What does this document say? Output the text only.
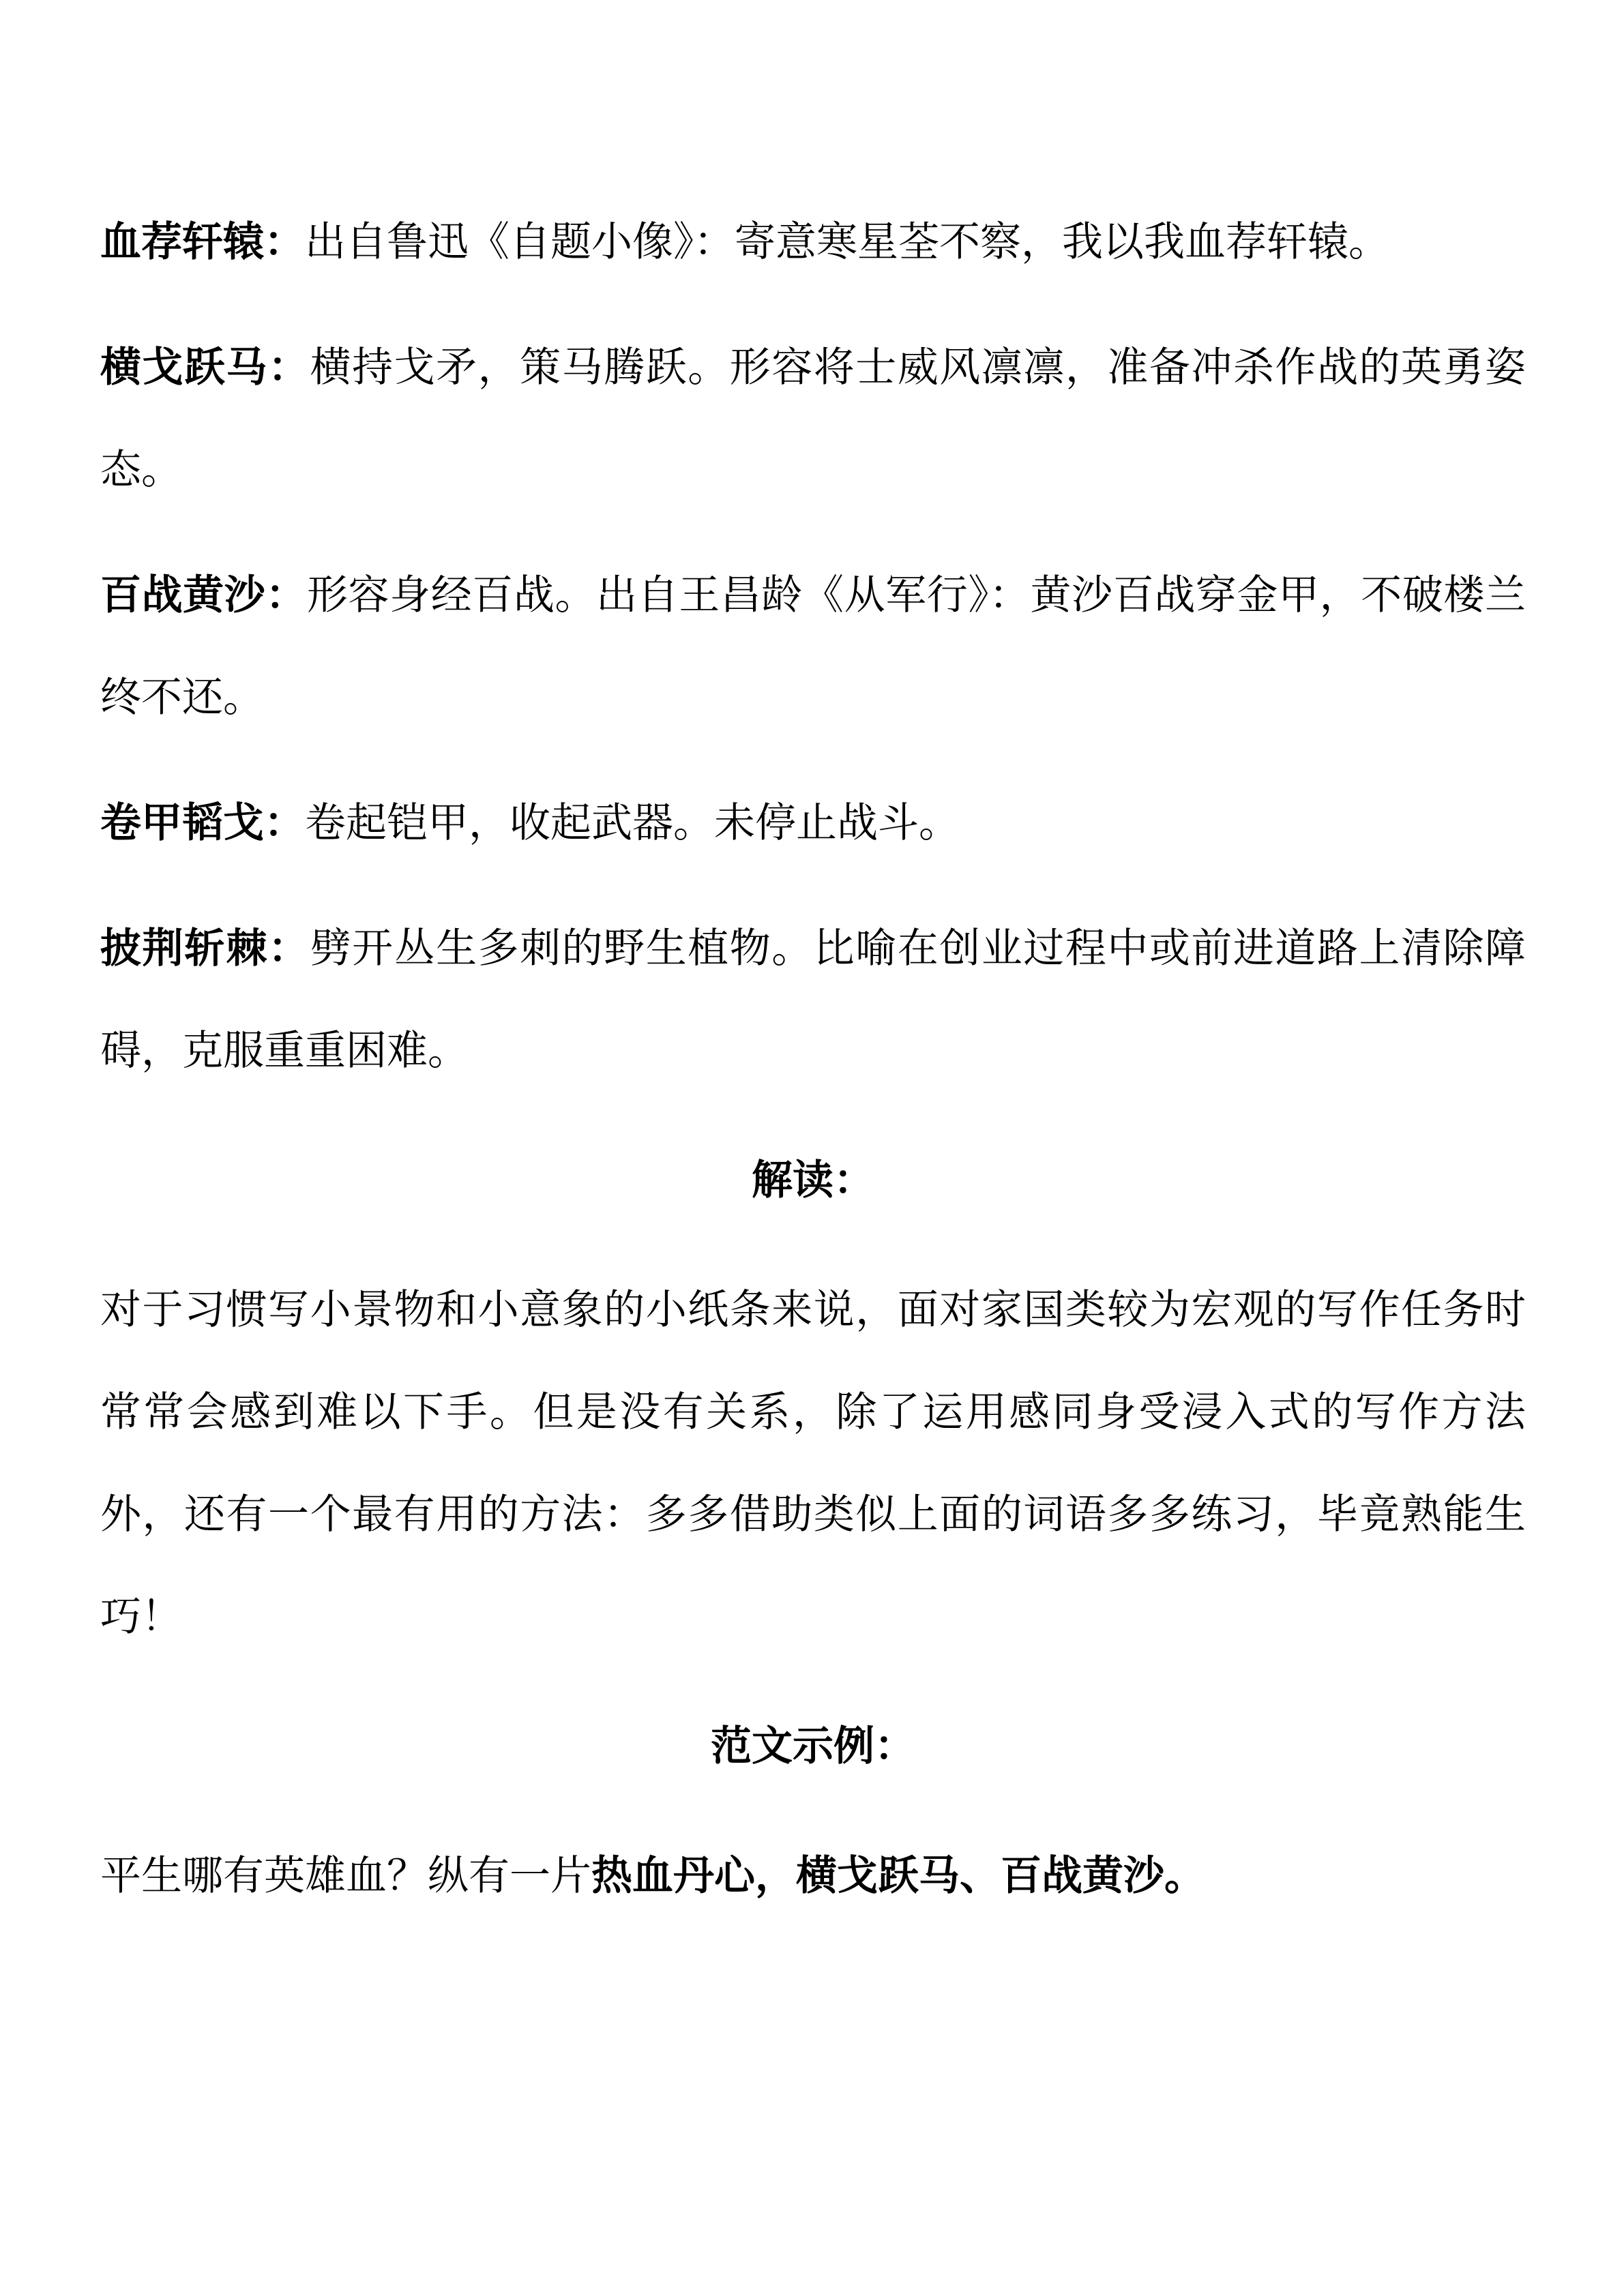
血荐轩辕：出自鲁迅《自题小像》：寄意寒星荃不察，我以我血荐轩辕。

横戈跃马：横持戈矛，策马腾跃。形容将士威风凛凛，准备冲杀作战的英勇姿态。

百战黄沙：形容身经百战。出自王昌龄《从军行》：黄沙百战穿金甲，不破楼兰终不还。

卷甲韬戈：卷起铠甲，收起武器。未停止战斗。

披荆斩棘：劈开丛生多刺的野生植物。比喻在创业过程中或前进道路上清除障碍，克服重重困难。

解读：

对于习惯写小景物和小意象的小纸条来说，面对家国类较为宏观的写作任务时常常会感到难以下手。但是没有关系，除了运用感同身受浸入式的写作方法外，还有一个最有用的方法：多多借助类似上面的词语多多练习，毕竟熟能生巧！

范文示例：

平生哪有英雄血？纵有一片热血丹心，横戈跃马、百战黄沙。
